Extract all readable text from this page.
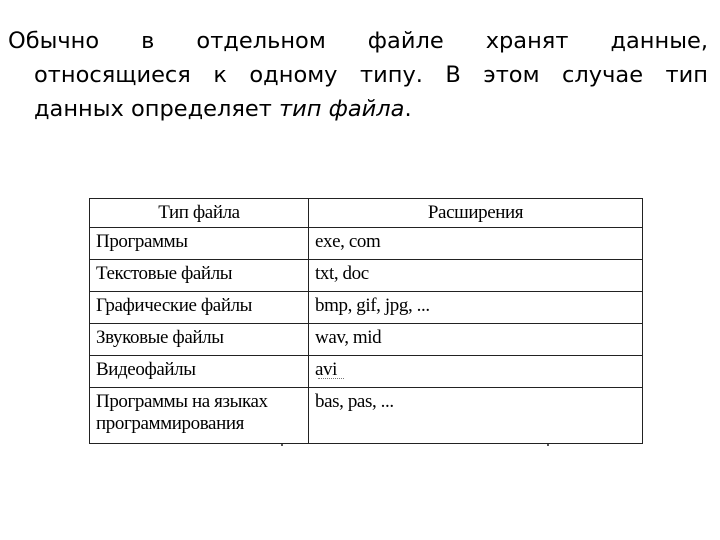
Обычно в отдельном файле хранят данные,
относящиеся к одному типу. В этом случае тип
данных определяет тип файла.
Тип файла	Расширения
Программы	exe, com
Текстовые файлы	txt, doc
Графические файлы	bmp, gif, jpg, ...
Звуковые файлы	wav, mid
Видеофайлы	avi
Программы на языках программирования	bas, pas, ...
